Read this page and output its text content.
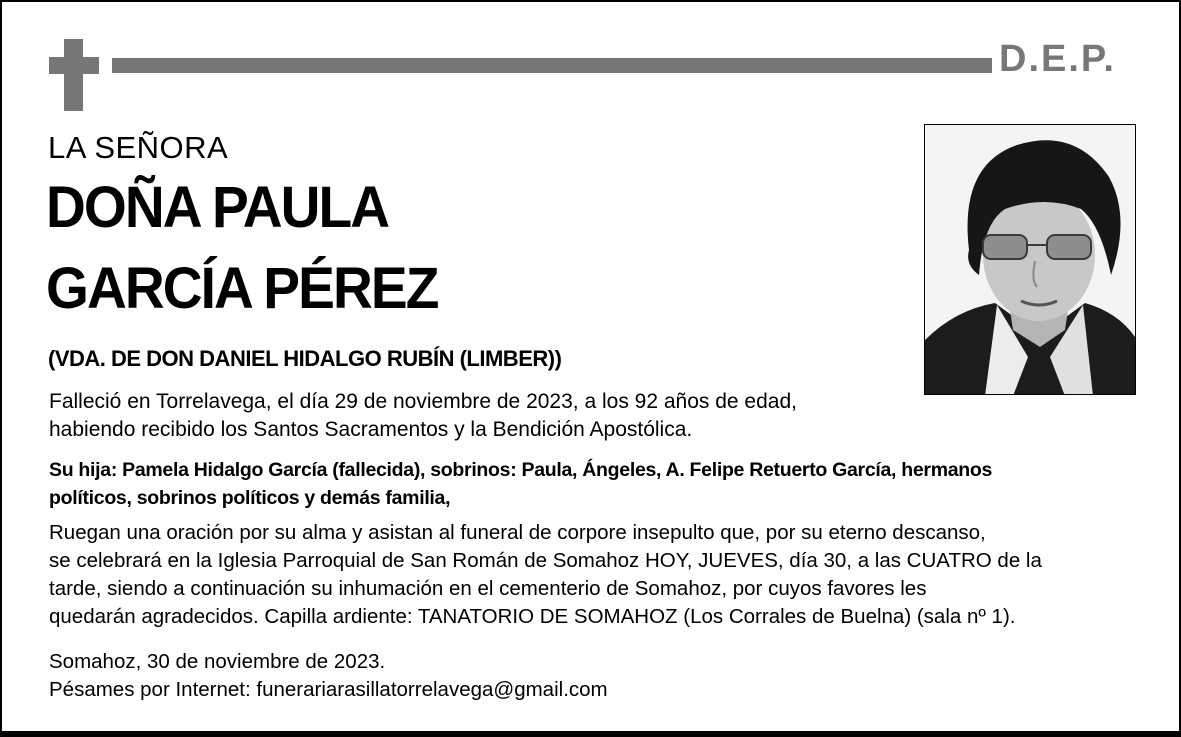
D.E.P.
LA SEÑORA
DOÑA PAULA
GARCÍA PÉREZ
(VDA. DE DON DANIEL HIDALGO RUBÍN (LIMBER))
Falleció en Torrelavega, el día 29 de noviembre de 2023, a los 92 años de edad,
habiendo recibido los Santos Sacramentos y la Bendición Apostólica.
Su hija: Pamela Hidalgo García (fallecida), sobrinos: Paula, Ángeles, A. Felipe Retuerto García, hermanos
políticos, sobrinos políticos y demás familia,
Ruegan una oración por su alma y asistan al funeral de corpore insepulto que, por su eterno descanso,
se celebrará en la Iglesia Parroquial de San Román de Somahoz HOY, JUEVES, día 30, a las CUATRO de la
tarde, siendo a continuación su inhumación en el cementerio de Somahoz, por cuyos favores les
quedarán agradecidos. Capilla ardiente: TANATORIO DE SOMAHOZ (Los Corrales de Buelna) (sala nº 1).
Somahoz, 30 de noviembre de 2023.
Pésames por Internet: funerariarasillatorrelavega@gmail.com
